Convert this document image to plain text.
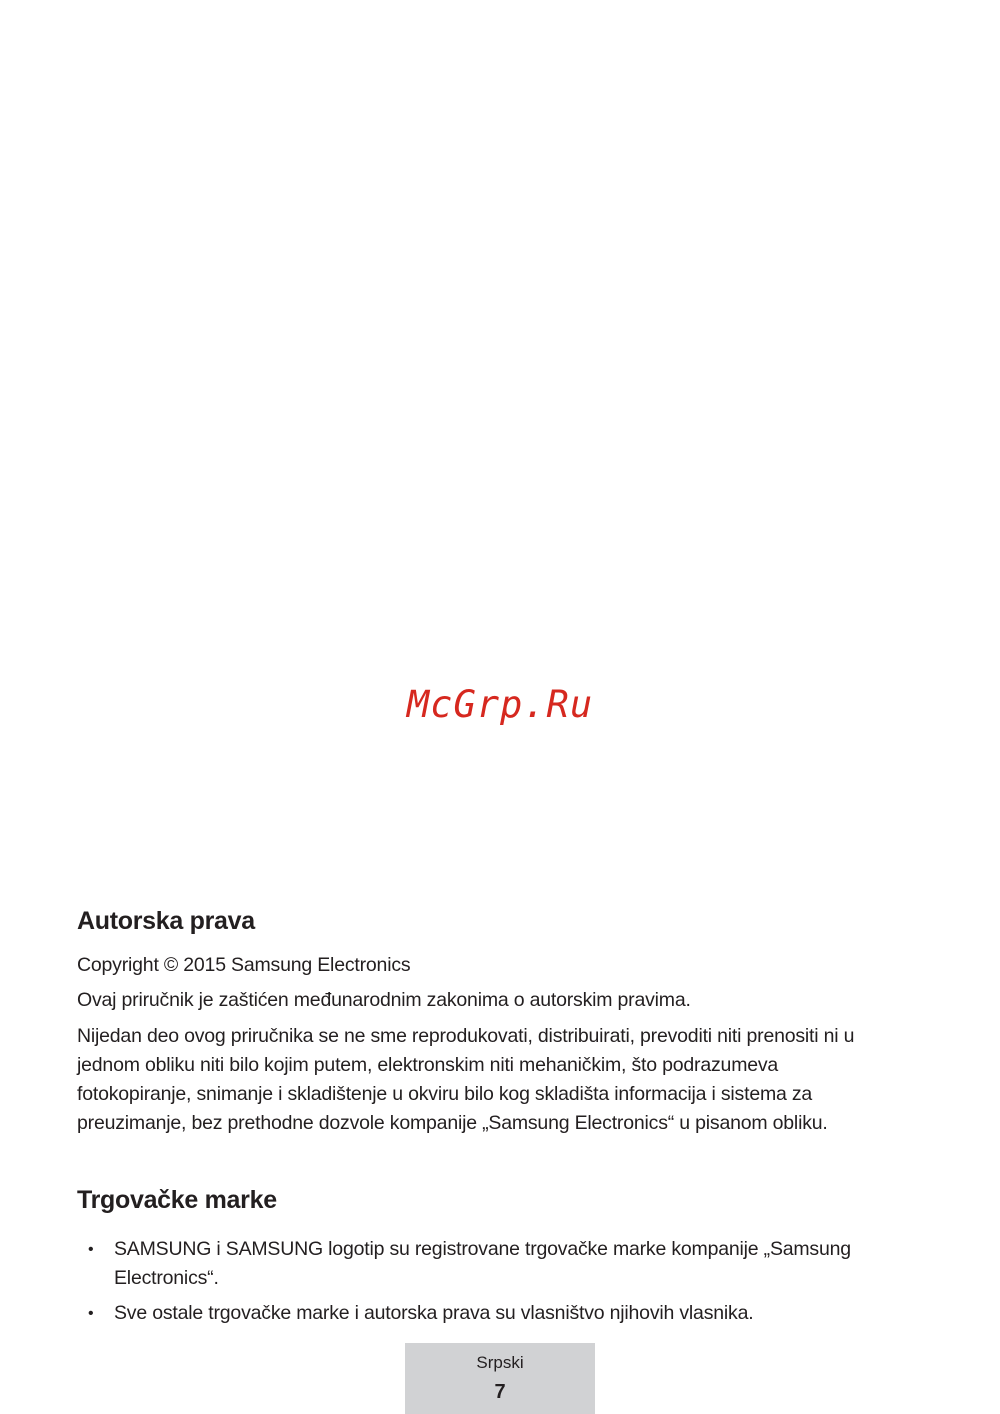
McGrp.Ru
Autorska prava

Copyright © 2015 Samsung Electronics

Ovaj priručnik je zaštićen međunarodnim zakonima o autorskim pravima.

Nijedan deo ovog priručnika se ne sme reprodukovati, distribuirati, prevoditi niti prenositi ni u jednom obliku niti bilo kojim putem, elektronskim niti mehaničkim, što podrazumeva fotokopiranje, snimanje i skladištenje u okviru bilo kog skladišta informacija i sistema za preuzimanje, bez prethodne dozvole kompanije „Samsung Electronics“ u pisanom obliku.

Trgovačke marke
• SAMSUNG i SAMSUNG logotip su registrovane trgovačke marke kompanije „Samsung Electronics“.
• Sve ostale trgovačke marke i autorska prava su vlasništvo njihovih vlasnika.
Srpski
7
